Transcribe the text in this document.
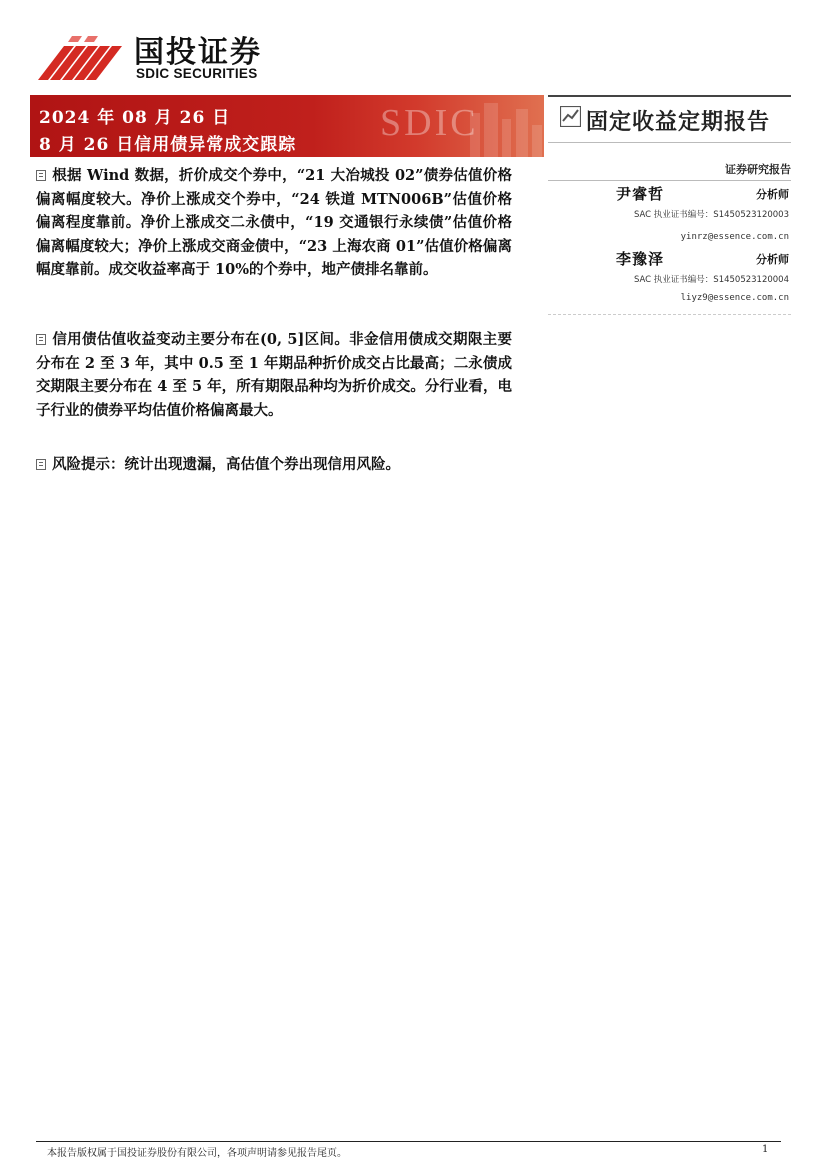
国投证券
SDIC SECURITIES
SDIC
2024 年 08 月 26 日
8 月 26 日信用债异常成交跟踪
固定收益定期报告
证券研究报告
尹睿哲	分析师
SAC 执业证书编号：S1450523120003
yinrz@essence.com.cn
李豫泽	分析师
SAC 执业证书编号：S1450523120004
liyz9@essence.com.cn
根据 Wind 数据，折价成交个券中，“21 大冶城投 02”债券估值价格偏离幅度较大。净价上涨成交个券中，“24 铁道 MTN006B”估值价格偏离程度靠前。净价上涨成交二永债中，“19 交通银行永续债”估值价格偏离幅度较大；净价上涨成交商金债中，“23 上海农商 01”估值价格偏离幅度靠前。成交收益率高于 10%的个券中，地产债排名靠前。
信用债估值收益变动主要分布在(0, 5]区间。非金信用债成交期限主要分布在 2 至 3 年，其中 0.5 至 1 年期品种折价成交占比最高；二永债成交期限主要分布在 4 至 5 年，所有期限品种均为折价成交。分行业看，电子行业的债券平均估值价格偏离最大。
风险提示：统计出现遗漏，高估值个券出现信用风险。
本报告版权属于国投证券股份有限公司，各项声明请参见报告尾页。	1
